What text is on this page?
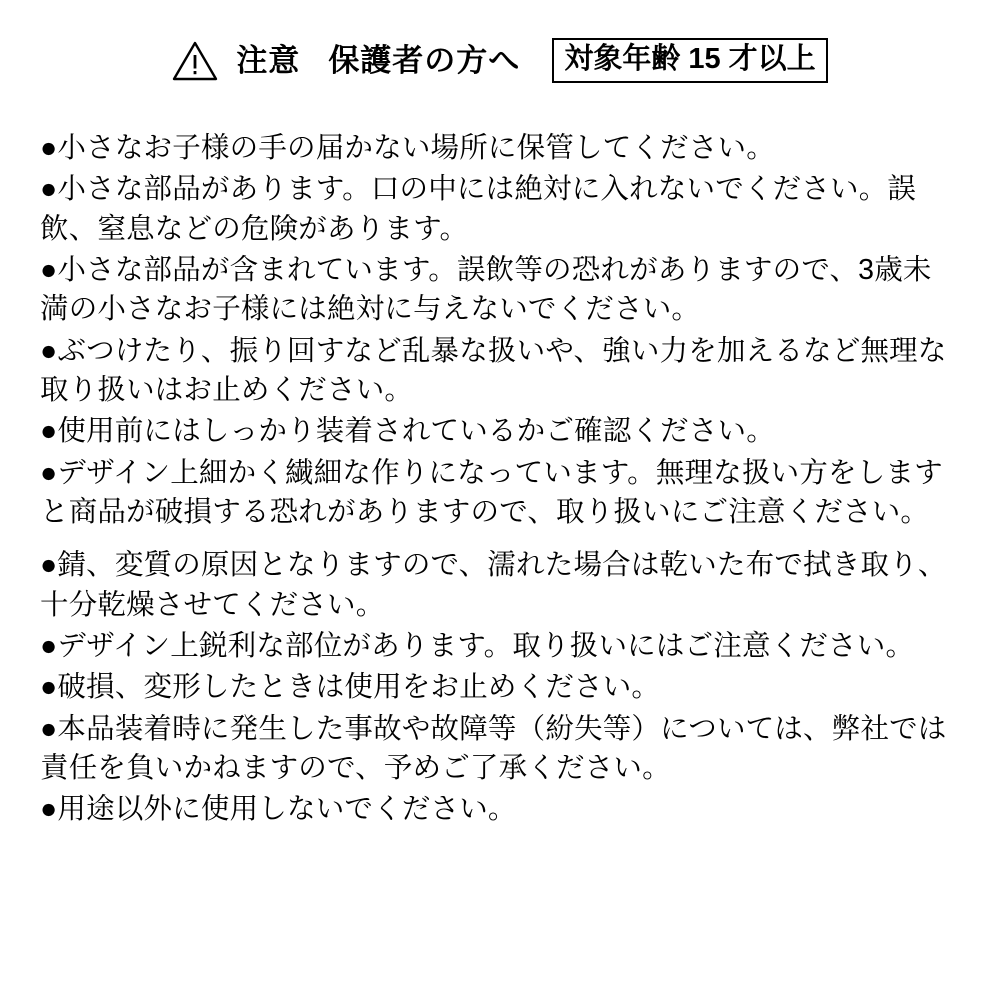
注意 保護者の方へ	対象年齢 15 才以上
●小さなお子様の手の届かない場所に保管してください。
●小さな部品があります。口の中には絶対に入れないでください。誤飲、窒息などの危険があります。
●小さな部品が含まれています。誤飲等の恐れがありますので、3歳未満の小さなお子様には絶対に与えないでください。
●ぶつけたり、振り回すなど乱暴な扱いや、強い力を加えるなど無理な取り扱いはお止めください。
●使用前にはしっかり装着されているかご確認ください。
●デザイン上細かく繊細な作りになっています。無理な扱い方をしますと商品が破損する恐れがありますので、取り扱いにご注意ください。
●錆、変質の原因となりますので、濡れた場合は乾いた布で拭き取り、十分乾燥させてください。
●デザイン上鋭利な部位があります。取り扱いにはご注意ください。
●破損、変形したときは使用をお止めください。
●本品装着時に発生した事故や故障等（紛失等）については、弊社では責任を負いかねますので、予めご了承ください。
●用途以外に使用しないでください。
